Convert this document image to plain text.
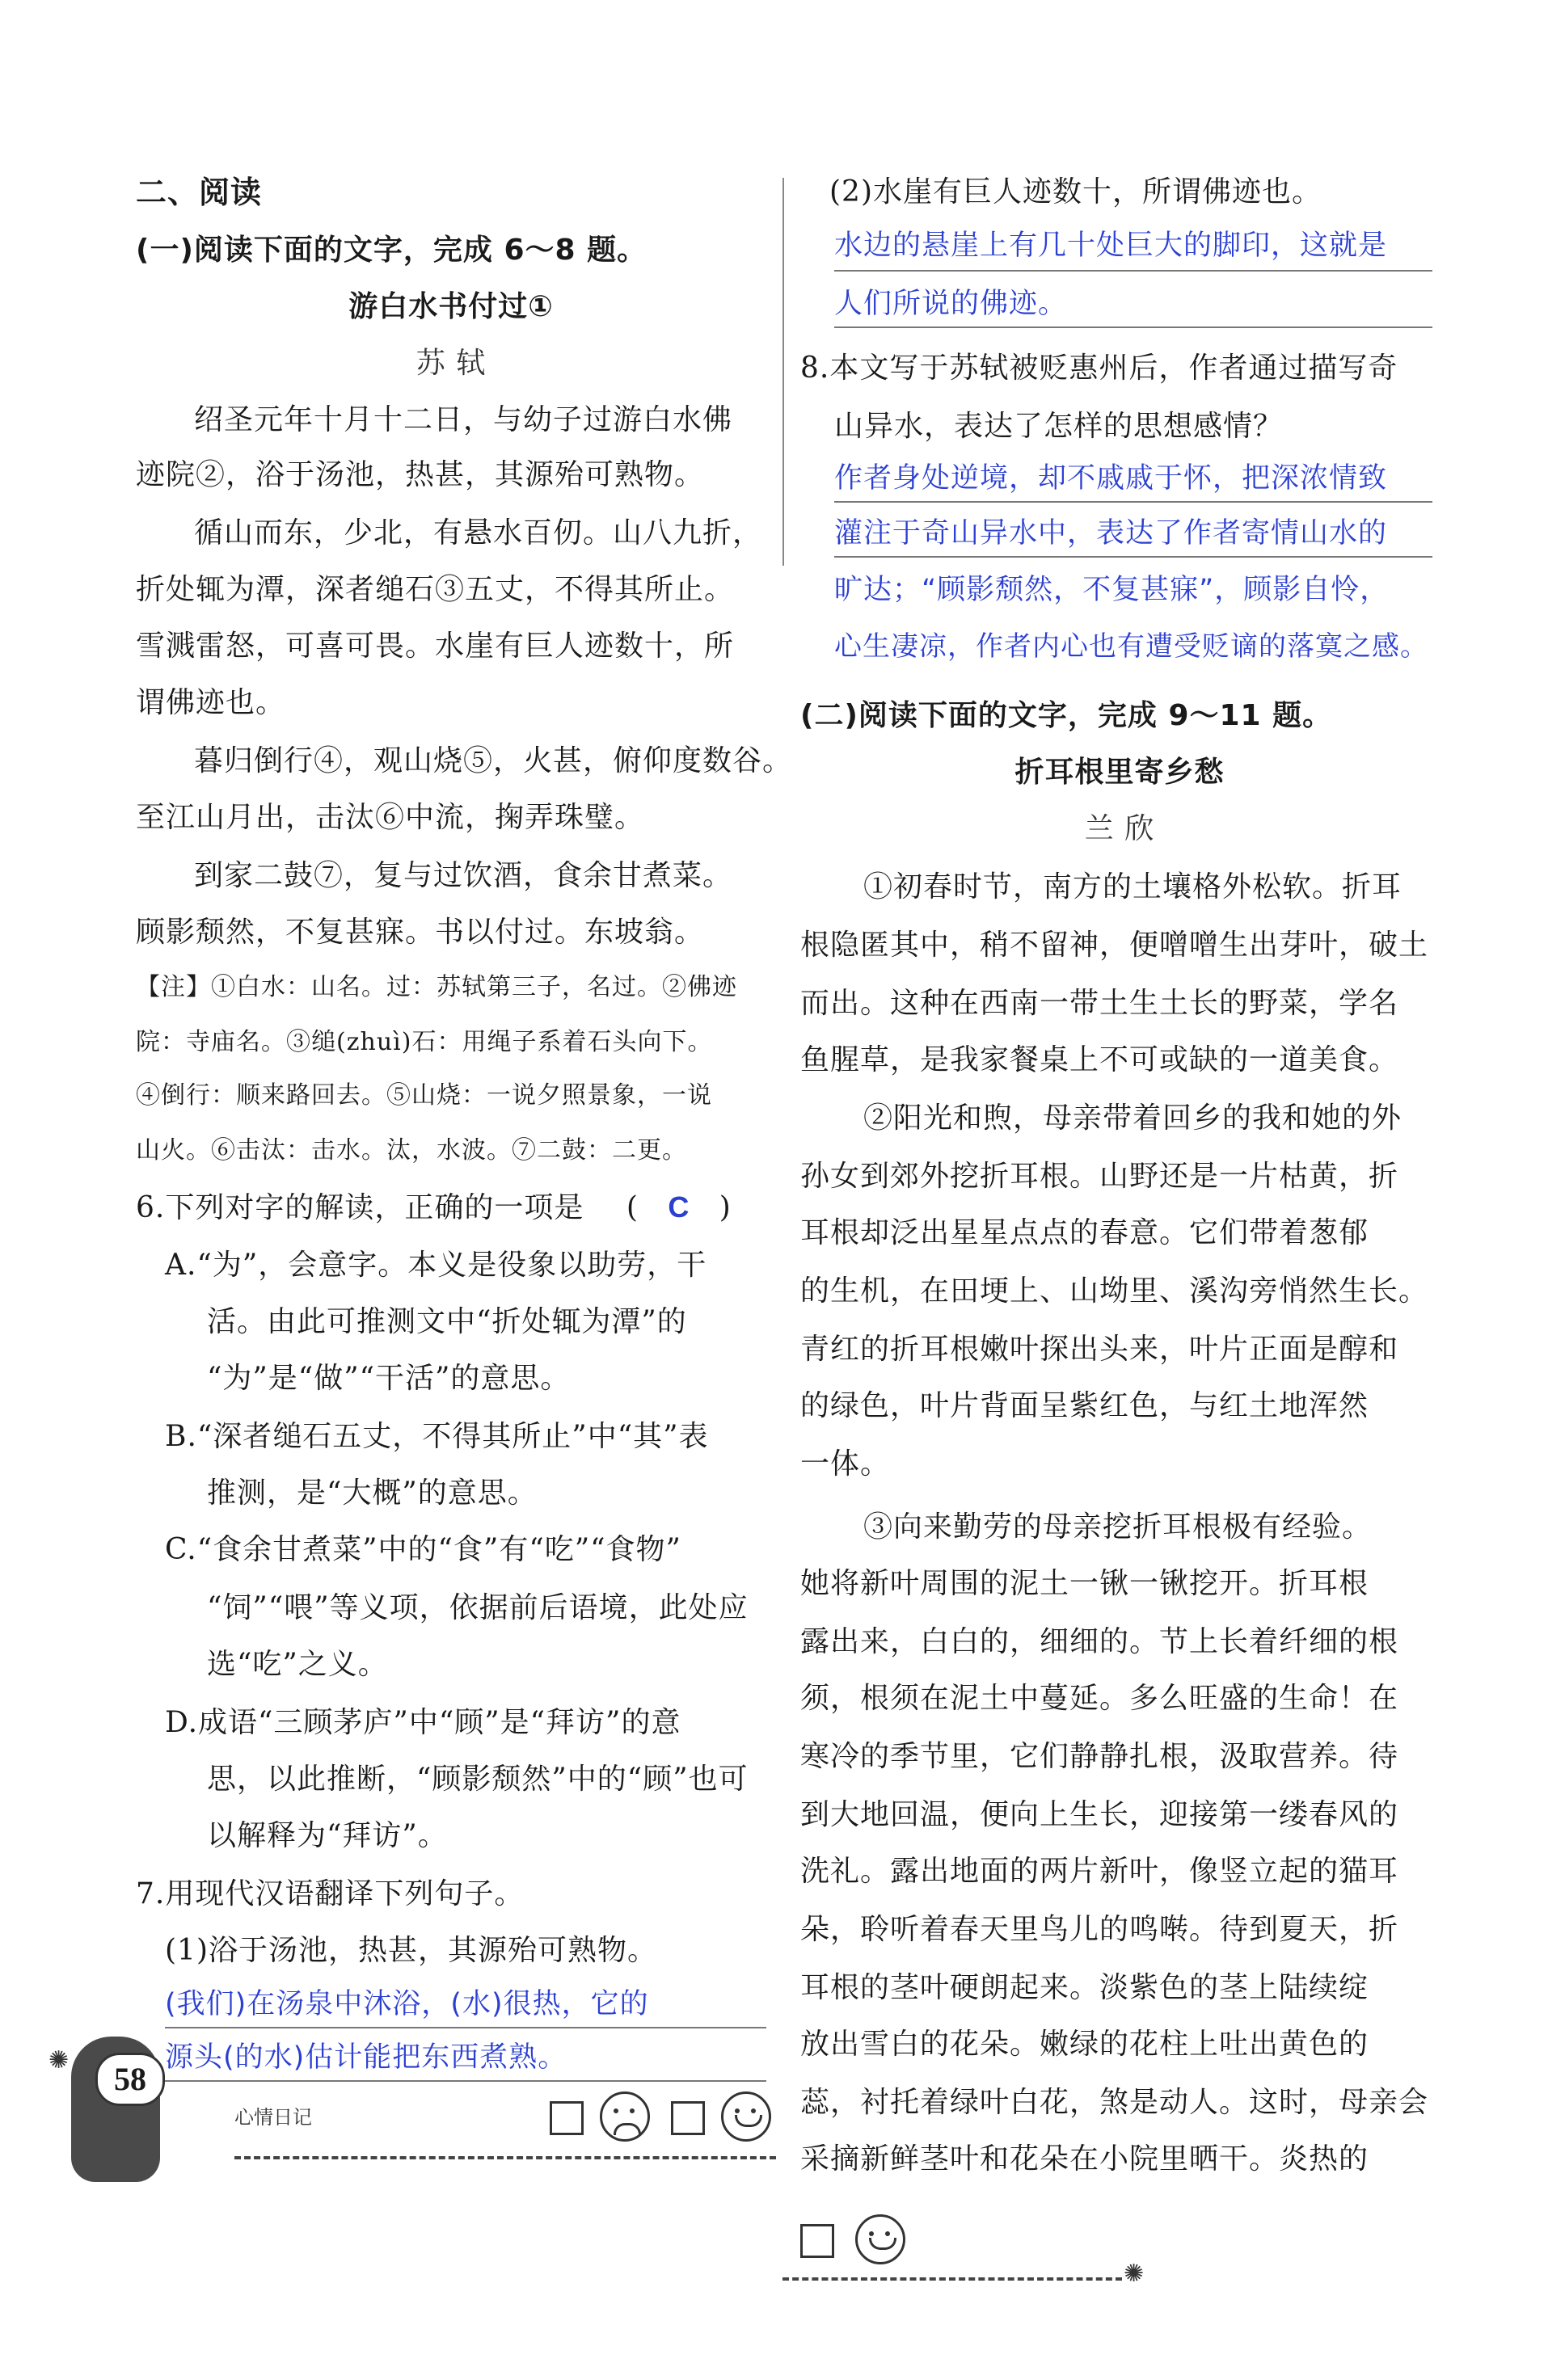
二、阅读
(一)阅读下面的文字，完成 6～8 题。
游白水书付过①
苏 轼
绍圣元年十月十二日，与幼子过游白水佛
迹院②，浴于汤池，热甚，其源殆可熟物。
循山而东，少北，有悬水百仞。山八九折，
折处辄为潭，深者缒石③五丈，不得其所止。
雪溅雷怒，可喜可畏。水崖有巨人迹数十，所
谓佛迹也。
暮归倒行④，观山烧⑤，火甚，俯仰度数谷。
至江山月出，击汰⑥中流，掬弄珠璧。
到家二鼓⑦，复与过饮酒，食余甘煮菜。
顾影颓然，不复甚寐。书以付过。东坡翁。
【注】①白水：山名。过：苏轼第三子，名过。②佛迹
院：寺庙名。③缒(zhuì)石：用绳子系着石头向下。
④倒行：顺来路回去。⑤山烧：一说夕照景象，一说
山火。⑥击汰：击水。汰，水波。⑦二鼓：二更。
6.下列对字的解读，正确的一项是 ( C )
A.“为”，会意字。本义是役象以助劳，干
活。由此可推测文中“折处辄为潭”的
“为”是“做”“干活”的意思。
B.“深者缒石五丈，不得其所止”中“其”表
推测，是“大概”的意思。
C.“食余甘煮菜”中的“食”有“吃”“食物”
“饲”“喂”等义项，依据前后语境，此处应
选“吃”之义。
D.成语“三顾茅庐”中“顾”是“拜访”的意
思，以此推断，“顾影颓然”中的“顾”也可
以解释为“拜访”。
7.用现代汉语翻译下列句子。
(1)浴于汤池，热甚，其源殆可熟物。
(我们)在汤泉中沐浴，(水)很热，它的
源头(的水)估计能把东西煮熟。
(2)水崖有巨人迹数十，所谓佛迹也。
水边的悬崖上有几十处巨大的脚印，这就是
人们所说的佛迹。
8.本文写于苏轼被贬惠州后，作者通过描写奇
山异水，表达了怎样的思想感情？
作者身处逆境，却不戚戚于怀，把深浓情致
灌注于奇山异水中，表达了作者寄情山水的
旷达；“顾影颓然，不复甚寐”，顾影自怜，
心生凄凉，作者内心也有遭受贬谪的落寞之感。
(二)阅读下面的文字，完成 9～11 题。
折耳根里寄乡愁
兰 欣
①初春时节，南方的土壤格外松软。折耳
根隐匿其中，稍不留神，便噌噌生出芽叶，破土
而出。这种在西南一带土生土长的野菜，学名
鱼腥草，是我家餐桌上不可或缺的一道美食。
②阳光和煦，母亲带着回乡的我和她的外
孙女到郊外挖折耳根。山野还是一片枯黄，折
耳根却泛出星星点点的春意。它们带着葱郁
的生机，在田埂上、山坳里、溪沟旁悄然生长。
青红的折耳根嫩叶探出头来，叶片正面是醇和
的绿色，叶片背面呈紫红色，与红土地浑然
一体。
③向来勤劳的母亲挖折耳根极有经验。
她将新叶周围的泥土一锹一锹挖开。折耳根
露出来，白白的，细细的。节上长着纤细的根
须，根须在泥土中蔓延。多么旺盛的生命！在
寒冷的季节里，它们静静扎根，汲取营养。待
到大地回温，便向上生长，迎接第一缕春风的
洗礼。露出地面的两片新叶，像竖立起的猫耳
朵，聆听着春天里鸟儿的鸣啭。待到夏天，折
耳根的茎叶硬朗起来。淡紫色的茎上陆续绽
放出雪白的花朵。嫩绿的花柱上吐出黄色的
蕊，衬托着绿叶白花，煞是动人。这时，母亲会
采摘新鲜茎叶和花朵在小院里晒干。炎热的
58
心情日记
✺
✺
